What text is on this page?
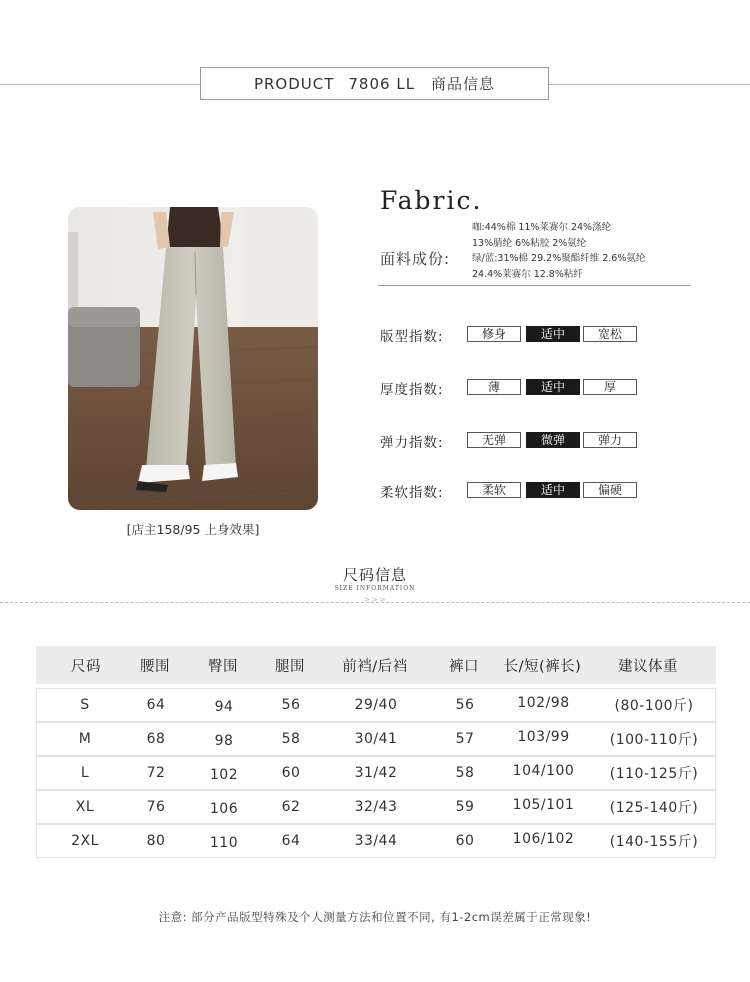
PRODUCT 7806 LL 商品信息
[店主158/95 上身效果]
Fabric.
面料成份:
咖:44%棉 11%莱赛尔 24%涤纶
13%腈纶 6%粘胶 2%氨纶
绿/蓝:31%棉 29.2%聚酯纤维 2.6%氨纶
24.4%莱赛尔 12.8%粘纤
版型指数:	修身	适中	宽松
厚度指数:	薄	适中	厚
弹力指数:	无弹	微弹	弹力
柔软指数:	柔软	适中	偏硬
尺码信息
SIZE INFORMATION
>>>
尺码	腰围	臀围	腿围	前裆/后裆	裤口	长/短(裤长)	建议体重
S	64	94	56	29/40	56	102/98	(80-100斤)
M	68	98	58	30/41	57	103/99	(100-110斤)
L	72	102	60	31/42	58	104/100	(110-125斤)
XL	76	106	62	32/43	59	105/101	(125-140斤)
2XL	80	110	64	33/44	60	106/102	(140-155斤)
注意: 部分产品版型特殊及个人测量方法和位置不同, 有1-2cm误差属于正常现象!
